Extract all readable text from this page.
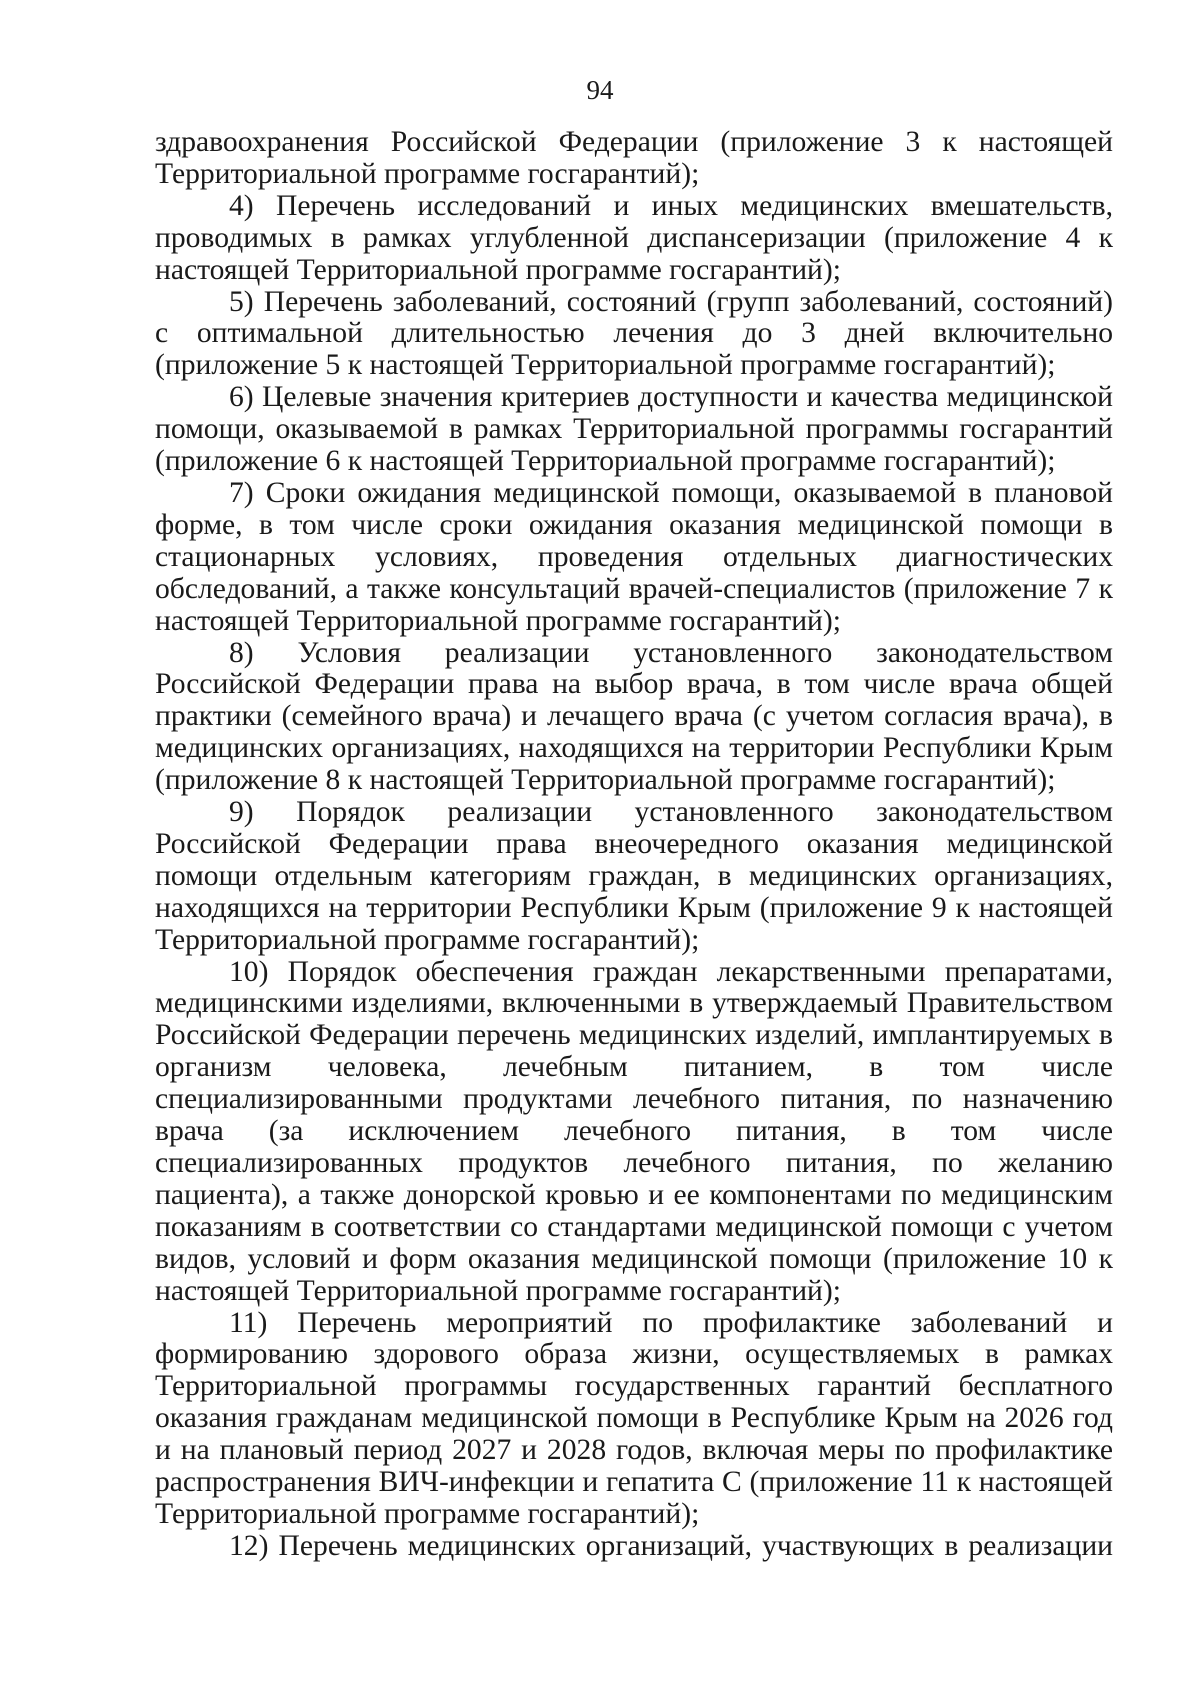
94

здравоохранения Российской Федерации (приложение 3 к настоящей Территориальной программе госгарантий);

4) Перечень исследований и иных медицинских вмешательств, проводимых в рамках углубленной диспансеризации (приложение 4 к настоящей Территориальной программе госгарантий);

5) Перечень заболеваний, состояний (групп заболеваний, состояний) с оптимальной длительностью лечения до 3 дней включительно (приложение 5 к настоящей Территориальной программе госгарантий);

6) Целевые значения критериев доступности и качества медицинской помощи, оказываемой в рамках Территориальной программы госгарантий (приложение 6 к настоящей Территориальной программе госгарантий);

7) Сроки ожидания медицинской помощи, оказываемой в плановой форме, в том числе сроки ожидания оказания медицинской помощи в стационарных условиях, проведения отдельных диагностических обследований, а также консультаций врачей-специалистов (приложение 7 к настоящей Территориальной программе госгарантий);

8) Условия реализации установленного законодательством Российской Федерации права на выбор врача, в том числе врача общей практики (семейного врача) и лечащего врача (с учетом согласия врача), в медицинских организациях, находящихся на территории Республики Крым (приложение 8 к настоящей Территориальной программе госгарантий);

9) Порядок реализации установленного законодательством Российской Федерации права внеочередного оказания медицинской помощи отдельным категориям граждан, в медицинских организациях, находящихся на территории Республики Крым (приложение 9 к настоящей Территориальной программе госгарантий);

10) Порядок обеспечения граждан лекарственными препаратами, медицинскими изделиями, включенными в утверждаемый Правительством Российской Федерации перечень медицинских изделий, имплантируемых в организм человека, лечебным питанием, в том числе специализированными продуктами лечебного питания, по назначению врача (за исключением лечебного питания, в том числе специализированных продуктов лечебного питания, по желанию пациента), а также донорской кровью и ее компонентами по медицинским показаниям в соответствии со стандартами медицинской помощи с учетом видов, условий и форм оказания медицинской помощи (приложение 10 к настоящей Территориальной программе госгарантий);

11) Перечень мероприятий по профилактике заболеваний и формированию здорового образа жизни, осуществляемых в рамках Территориальной программы государственных гарантий бесплатного оказания гражданам медицинской помощи в Республике Крым на 2026 год и на плановый период 2027 и 2028 годов, включая меры по профилактике распространения ВИЧ-инфекции и гепатита С (приложение 11 к настоящей Территориальной программе госгарантий);

12) Перечень медицинских организаций, участвующих в реализации
